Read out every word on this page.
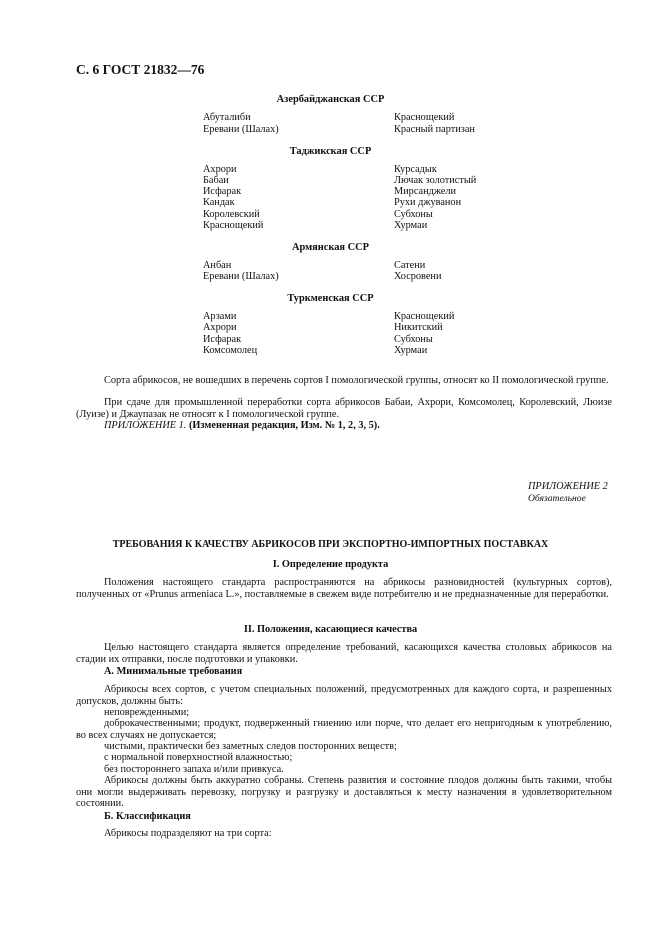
С. 6 ГОСТ 21832—76
Азербайджанская ССР
Абуталиби
Еревани (Шалах)
Краснощекий
Красный партизан
Таджикская ССР
Ахрори
Бабаи
Исфарак
Кандак
Королевский
Краснощекий
Курсадык
Лючак золотистый
Мирсанджели
Рухи джуванон
Субхоны
Хурмаи
Армянская ССР
Анбан
Еревани (Шалах)
Сатени
Хосровени
Туркменская ССР
Арзами
Ахрори
Исфарак
Комсомолец
Краснощекий
Никитский
Субхоны
Хурмаи
Сорта абрикосов, не вошедших в перечень сортов I помологической группы, относят ко II помологической группе.
При сдаче для промышленной переработки сорта абрикосов Бабаи, Ахрори, Комсомолец, Королевский, Люизе (Луизе) и Джаупазак не относят к I помологической группе.
ПРИЛОЖЕНИЕ 1. (Измененная редакция, Изм. № 1, 2, 3, 5).
ПРИЛОЖЕНИЕ 2
Обязательное
ТРЕБОВАНИЯ К КАЧЕСТВУ АБРИКОСОВ ПРИ ЭКСПОРТНО-ИМПОРТНЫХ ПОСТАВКАХ
I. Определение продукта
Положения настоящего стандарта распространяются на абрикосы разновидностей (культурных сортов), полученных от «Prunus armeniaca L.», поставляемые в свежем виде потребителю и не предназначенные для переработки.
II. Положения, касающиеся качества
Целью настоящего стандарта является определение требований, касающихся качества столовых абрикосов на стадии их отправки, после подготовки и упаковки.
А. Минимальные требования
Абрикосы всех сортов, с учетом специальных положений, предусмотренных для каждого сорта, и разрешенных допусков, должны быть:
неповрежденными;
доброкачественными; продукт, подверженный гниению или порче, что делает его непригодным к употреблению, во всех случаях не допускается;
чистыми, практически без заметных следов посторонних веществ;
с нормальной поверхностной влажностью;
без постороннего запаха и/или привкуса.
Абрикосы должны быть аккуратно собраны. Степень развития и состояние плодов должны быть такими, чтобы они могли выдерживать перевозку, погрузку и разгрузку и доставляться к месту назначения в удовлетворительном состоянии.
Б. Классификация
Абрикосы подразделяют на три сорта:
